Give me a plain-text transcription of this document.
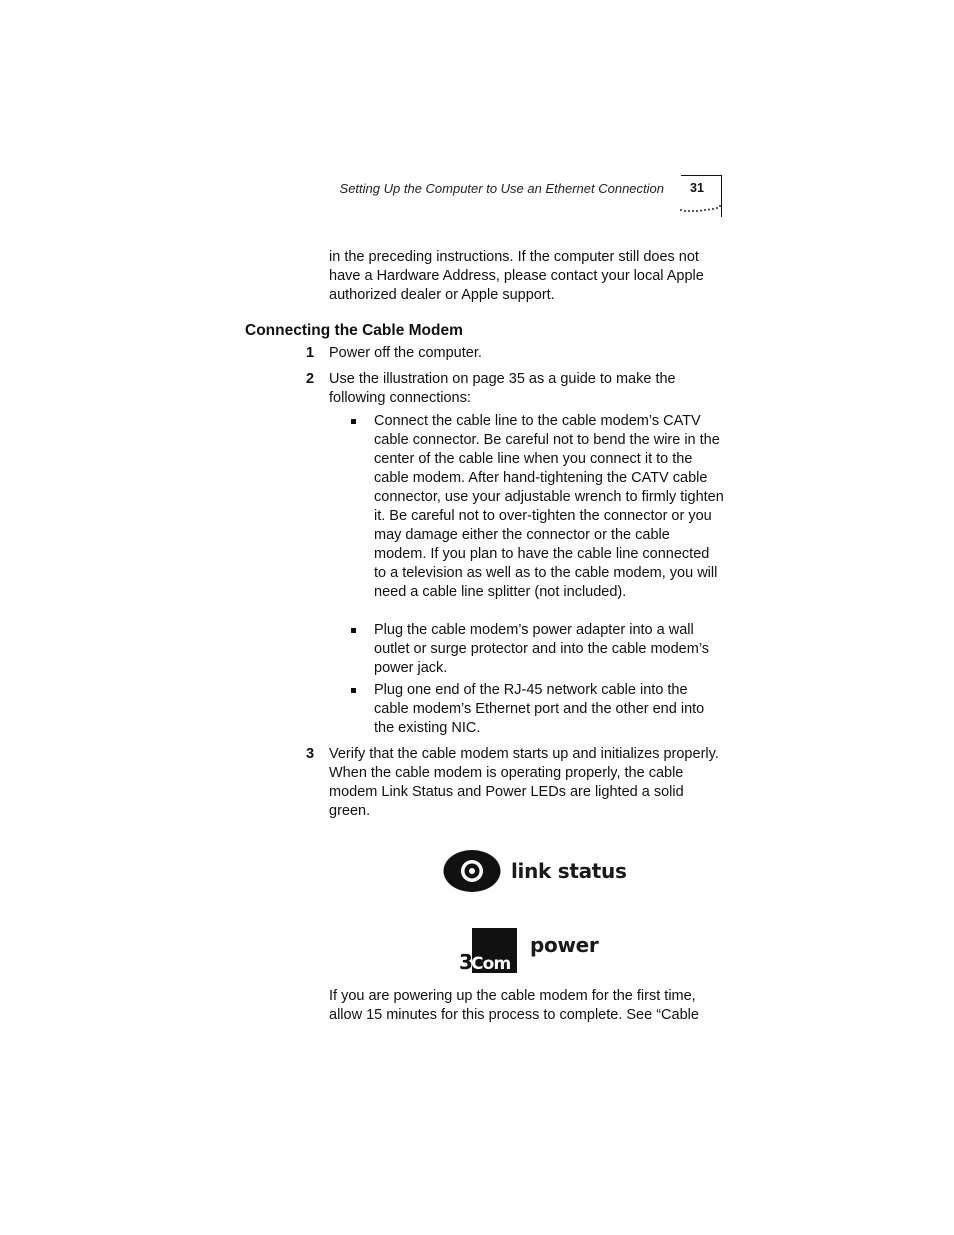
Setting Up the Computer to Use an Ethernet Connection 31
in the preceding instructions. If the computer still does not have a Hardware Address, please contact your local Apple authorized dealer or Apple support.
Connecting the Cable Modem
1 Power off the computer.
2 Use the illustration on page 35 as a guide to make the following connections:
Connect the cable line to the cable modem’s CATV cable connector. Be careful not to bend the wire in the center of the cable line when you connect it to the cable modem. After hand-tightening the CATV cable connector, use your adjustable wrench to firmly tighten it. Be careful not to over-tighten the connector or you may damage either the connector or the cable modem. If you plan to have the cable line connected to a television as well as to the cable modem, you will need a cable line splitter (not included).
Plug the cable modem’s power adapter into a wall outlet or surge protector and into the cable modem’s power jack.
Plug one end of the RJ-45 network cable into the cable modem’s Ethernet port and the other end into the existing NIC.
3 Verify that the cable modem starts up and initializes properly. When the cable modem is operating properly, the cable modem Link Status and Power LEDs are lighted a solid green.
link status
3 Com
power
If you are powering up the cable modem for the first time, allow 15 minutes for this process to complete. See “Cable
